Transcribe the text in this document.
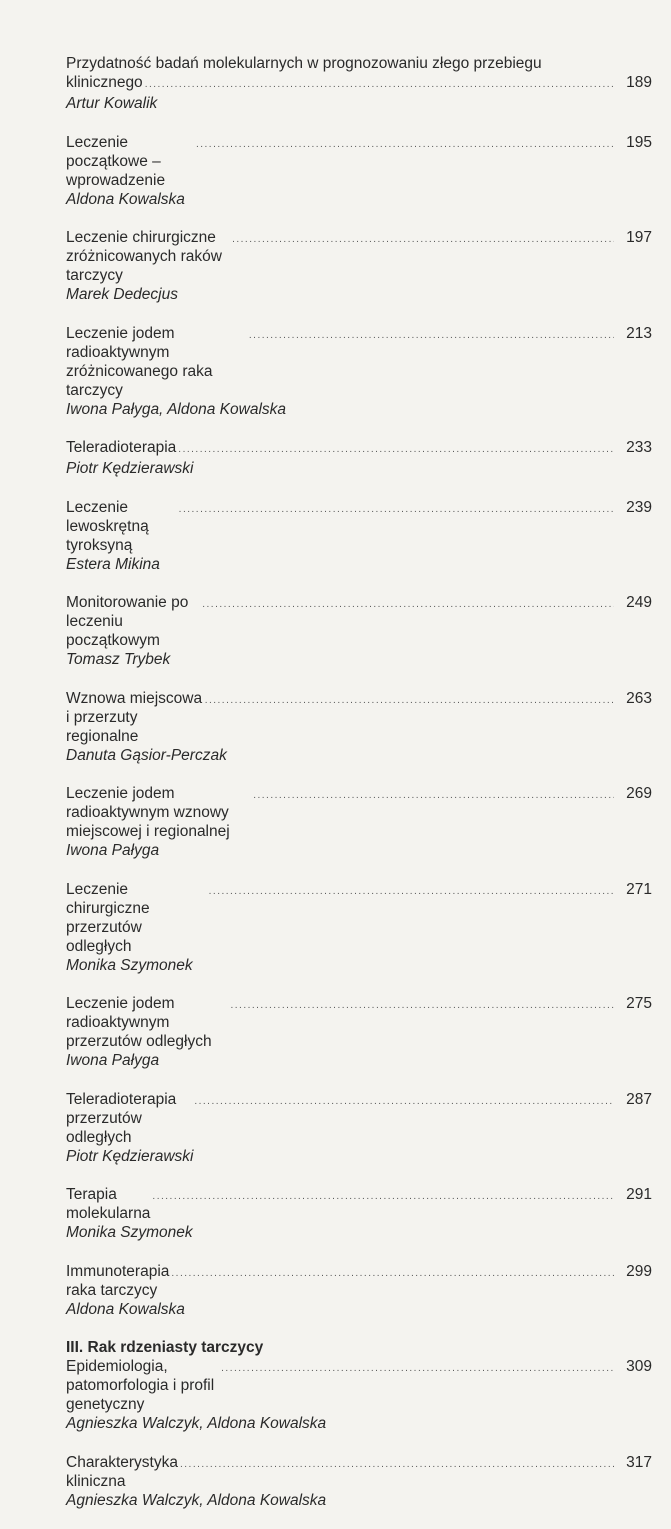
Przydatność badań molekularnych w prognozowaniu złego przebiegu
klinicznego .....	189
Artur Kowalik
Leczenie początkowe – wprowadzenie
.....
195
Aldona Kowalska
Leczenie chirurgiczne zróżnicowanych raków tarczycy
.....
197
Marek Dedecjus
Leczenie jodem radioaktywnym zróżnicowanego raka tarczycy
.....
213
Iwona Pałyga, Aldona Kowalska
Teleradioterapia .....	233
Piotr Kędzierawski
Leczenie lewoskrętną tyroksyną
.....
239
Estera Mikina
Monitorowanie po leczeniu początkowym
.....
249
Tomasz Trybek
Wznowa miejscowa i przerzuty regionalne
.....
263
Danuta Gąsior-Perczak
Leczenie jodem radioaktywnym wznowy miejscowej i regionalnej
.....
269
Iwona Pałyga
Leczenie chirurgiczne przerzutów odległych
.....
271
Monika Szymonek
Leczenie jodem radioaktywnym przerzutów odległych
.....
275
Iwona Pałyga
Teleradioterapia przerzutów odległych
.....
287
Piotr Kędzierawski
Terapia molekularna
.....
291
Monika Szymonek
Immunoterapia raka tarczycy
.....
299
Aldona Kowalska
III. Rak rdzeniasty tarczycy
Epidemiologia, patomorfologia i profil genetyczny
.....
309
Agnieszka Walczyk, Aldona Kowalska
Charakterystyka kliniczna
.....
317
Agnieszka Walczyk, Aldona Kowalska
